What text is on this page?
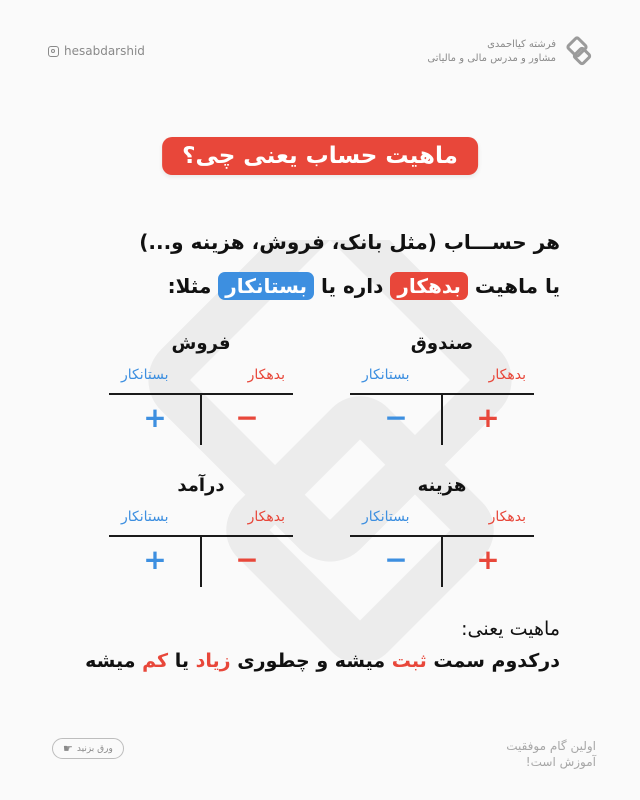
hesabdarshid	فرشته کیااحمدی
مشاور و مدرس مالی و مالیاتی
ماهیت حساب یعنی چی؟
هر حســـاب (مثل بانک، فروش، هزینه و...)
یا ماهیت بدهکار داره یا بستانکار مثلا:
صندوق
بدهکار
بستانکار
+
−
فروش
بدهکار
بستانکار
−
+
هزینه
بدهکار
بستانکار
+
−
درآمد
بدهکار
بستانکار
−
+
ماهیت یعنی:
درکدوم سمت ثبت میشه و چطوری زیاد یا کم میشه
ورق بزنید
☛	اولین گام موفقیت
آموزش است!
